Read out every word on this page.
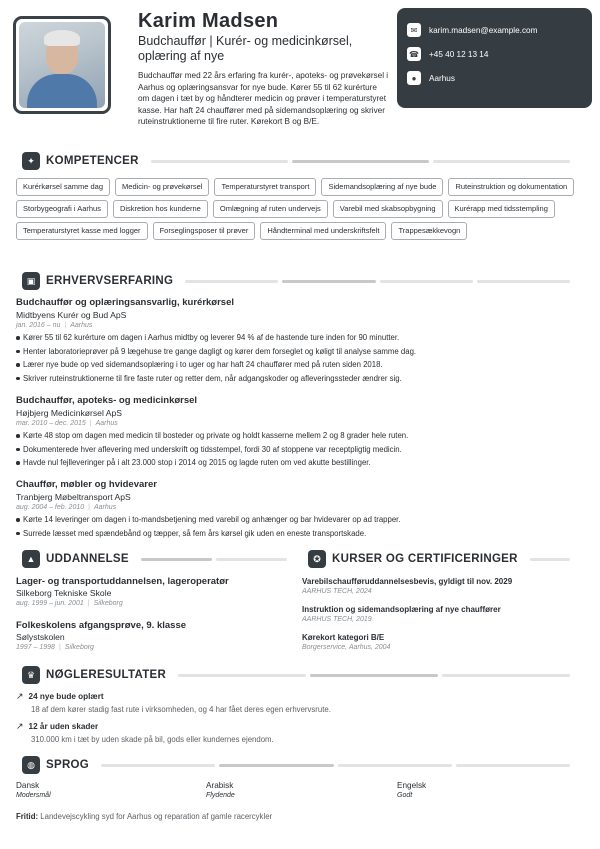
Karim Madsen
Budchauffør | Kurér- og medicinkørsel, oplæring af nye
Budchauffør med 22 års erfaring fra kurér-, apoteks- og prøvekørsel i Aarhus og oplæringsansvar for nye bude. Kører 55 til 62 kurérture om dagen i tæt by og håndterer medicin og prøver i temperaturstyret kasse. Har haft 24 chauffører med på sidemandsoplæring og skriver ruteinstruktionerne til fire ruter. Kørekort B og B/E.
✉	karim.madsen@example.com
☎ +45 40 12 13 14
●	Aarhus
✦ KOMPETENCER
Kurérkørsel samme dag	Medicin- og prøvekørsel	Temperaturstyret transport	Sidemandsoplæring af nye bude	Ruteinstruktion og dokumentation
Storbygeografi i Aarhus	Diskretion hos kunderne	Omlægning af ruten undervejs	Varebil med skabsopbygning	Kurérapp med tidsstempling
Temperaturstyret kasse med logger	Forseglingsposer til prøver	Håndterminal med underskriftsfelt	Trappesækkevogn
▣ ERHVERVSERFARING
Budchauffør og oplæringsansvarlig, kurérkørsel
Midtbyens Kurér og Bud ApS
jan. 2016 – nu | Aarhus
Kører 55 til 62 kurérture om dagen i Aarhus midtby og leverer 94 % af de hastende ture inden for 90 minutter.
Henter laboratorieprøver på 9 lægehuse tre gange dagligt og kører dem forseglet og køligt til analyse samme dag.
Lærer nye bude op ved sidemandsoplæring i to uger og har haft 24 chauffører med på ruten siden 2018.
Skriver ruteinstruktionerne til fire faste ruter og retter dem, når adgangskoder og afleveringssteder ændrer sig.
Budchauffør, apoteks- og medicinkørsel
Højbjerg Medicinkørsel ApS
mar. 2010 – dec. 2015 | Aarhus
Kørte 48 stop om dagen med medicin til bosteder og private og holdt kasserne mellem 2 og 8 grader hele ruten.
Dokumenterede hver aflevering med underskrift og tidsstempel, fordi 30 af stoppene var receptpligtig medicin.
Havde nul fejlleveringer på i alt 23.000 stop i 2014 og 2015 og lagde ruten om ved akutte bestillinger.
Chauffør, møbler og hvidevarer
Tranbjerg Møbeltransport ApS
aug. 2004 – feb. 2010 | Aarhus
Kørte 14 leveringer om dagen i to-mandsbetjening med varebil og anhænger og bar hvidevarer op ad trapper.
Surrede læsset med spændebånd og tæpper, så fem års kørsel gik uden en eneste transportskade.
▲ UDDANNELSE
Lager- og transportuddannelsen, lageroperatør
Silkeborg Tekniske Skole
aug. 1999 – jun. 2001 | Silkeborg
Folkeskolens afgangsprøve, 9. klasse
Sølystskolen
1997 – 1998 | Silkeborg
✪ KURSER OG CERTIFICERINGER
Varebilschaufføruddannelsesbevis, gyldigt til nov. 2029
AARHUS TECH, 2024
Instruktion og sidemandsoplæring af nye chauffører
AARHUS TECH, 2019
Kørekort kategori B/E
Borgerservice, Aarhus, 2004
♛ NØGLERESULTATER
↗ 24 nye bude oplært
18 af dem kører stadig fast rute i virksomheden, og 4 har fået deres egen erhvervsrute.
↗ 12 år uden skader
310.000 km i tæt by uden skade på bil, gods eller kundernes ejendom.
◍ SPROG
Dansk
Modersmål
Arabisk
Flydende
Engelsk
Godt
Fritid: Landevejscykling syd for Aarhus og reparation af gamle racercykler
